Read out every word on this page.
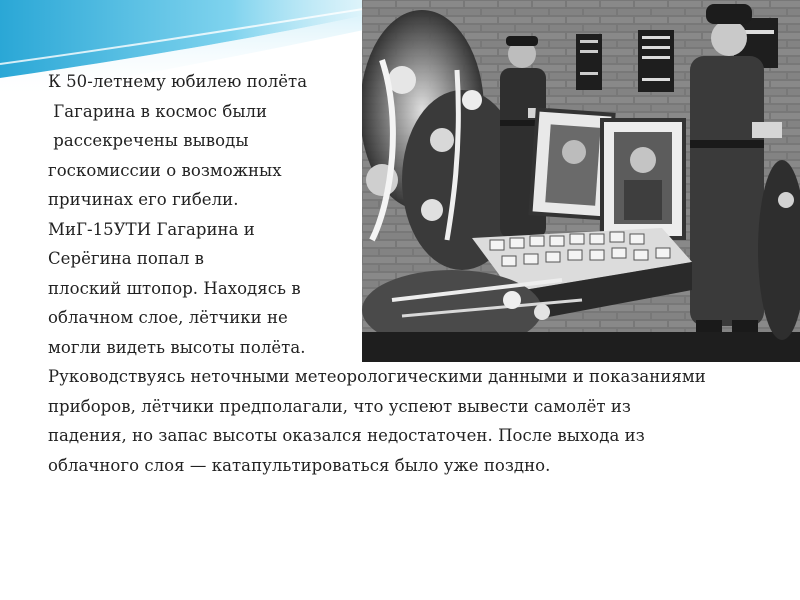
К 50-летнему юбилею полёта
Гагарина в космос были
рассекречены выводы
госкомиссии о возможных
причинах его гибели.
МиГ-15УТИ Гагарина и
Серёгина попал в
плоский штопор. Находясь в
облачном слое, лётчики не
могли видеть высоты полёта.
Руководствуясь неточными метеорологическими данными и показаниями
приборов, лётчики предполагали, что успеют вывести самолёт из
падения, но запас высоты оказался недостаточен. После выхода из
облачного слоя — катапультироваться было уже поздно.
